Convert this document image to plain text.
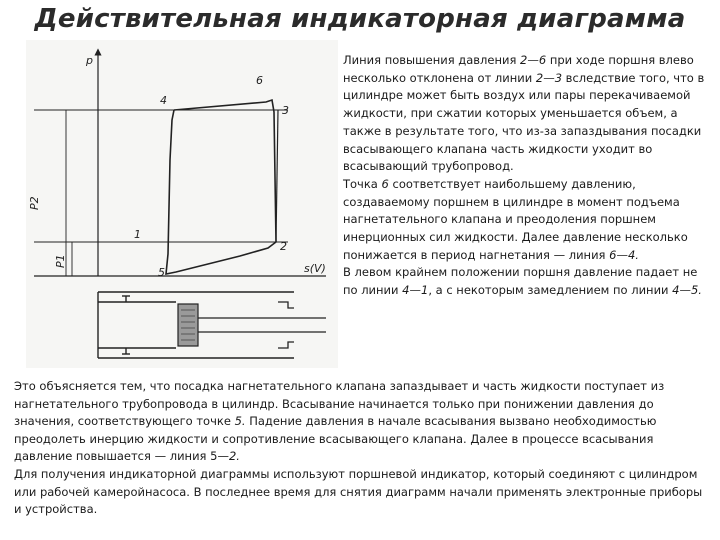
Действительная индикаторная диаграмма
p
s(V)
P2
P1
4
6
3
1
2
5

Линия повышения давления 2—6 при ходе поршня влево несколько отклонена от линии 2—3 вследствие того, что в цилиндре может быть воздух или пары перекачиваемой жидкости, при сжатии которых уменьшается объем, а также в результате того, что из-за запаздывания посадки всасывающего клапана часть жидкости уходит во всасывающий трубопровод.

Точка 6 соответствует наибольшему давлению, создаваемому поршнем в цилиндре в момент подъема нагнетательного клапана и преодоления поршнем инерционных сил жидкости. Далее давление несколько понижается в период нагнетания — линия 6—4.

В левом крайнем положении поршня давление падает не по линии 4—1, а с некоторым замедлением по линии 4—5.

Это объясняется тем, что посадка нагнетательного клапана запаздывает и часть жидкости поступает из нагнетательного трубопровода в цилиндр. Всасывание начинается только при понижении давления до значения, соответствующего точке 5. Падение давления в начале всасывания вызвано необходимостью преодолеть инерцию жидкости и сопротивление всасывающего клапана. Далее в процессе всасывания давление повышается — линия 5—2.

Для получения индикаторной диаграммы используют поршневой индикатор, который соединяют с цилиндром или рабочей камеройнасоса. В последнее время для снятия диаграмм начали применять электронные приборы и устройства.
